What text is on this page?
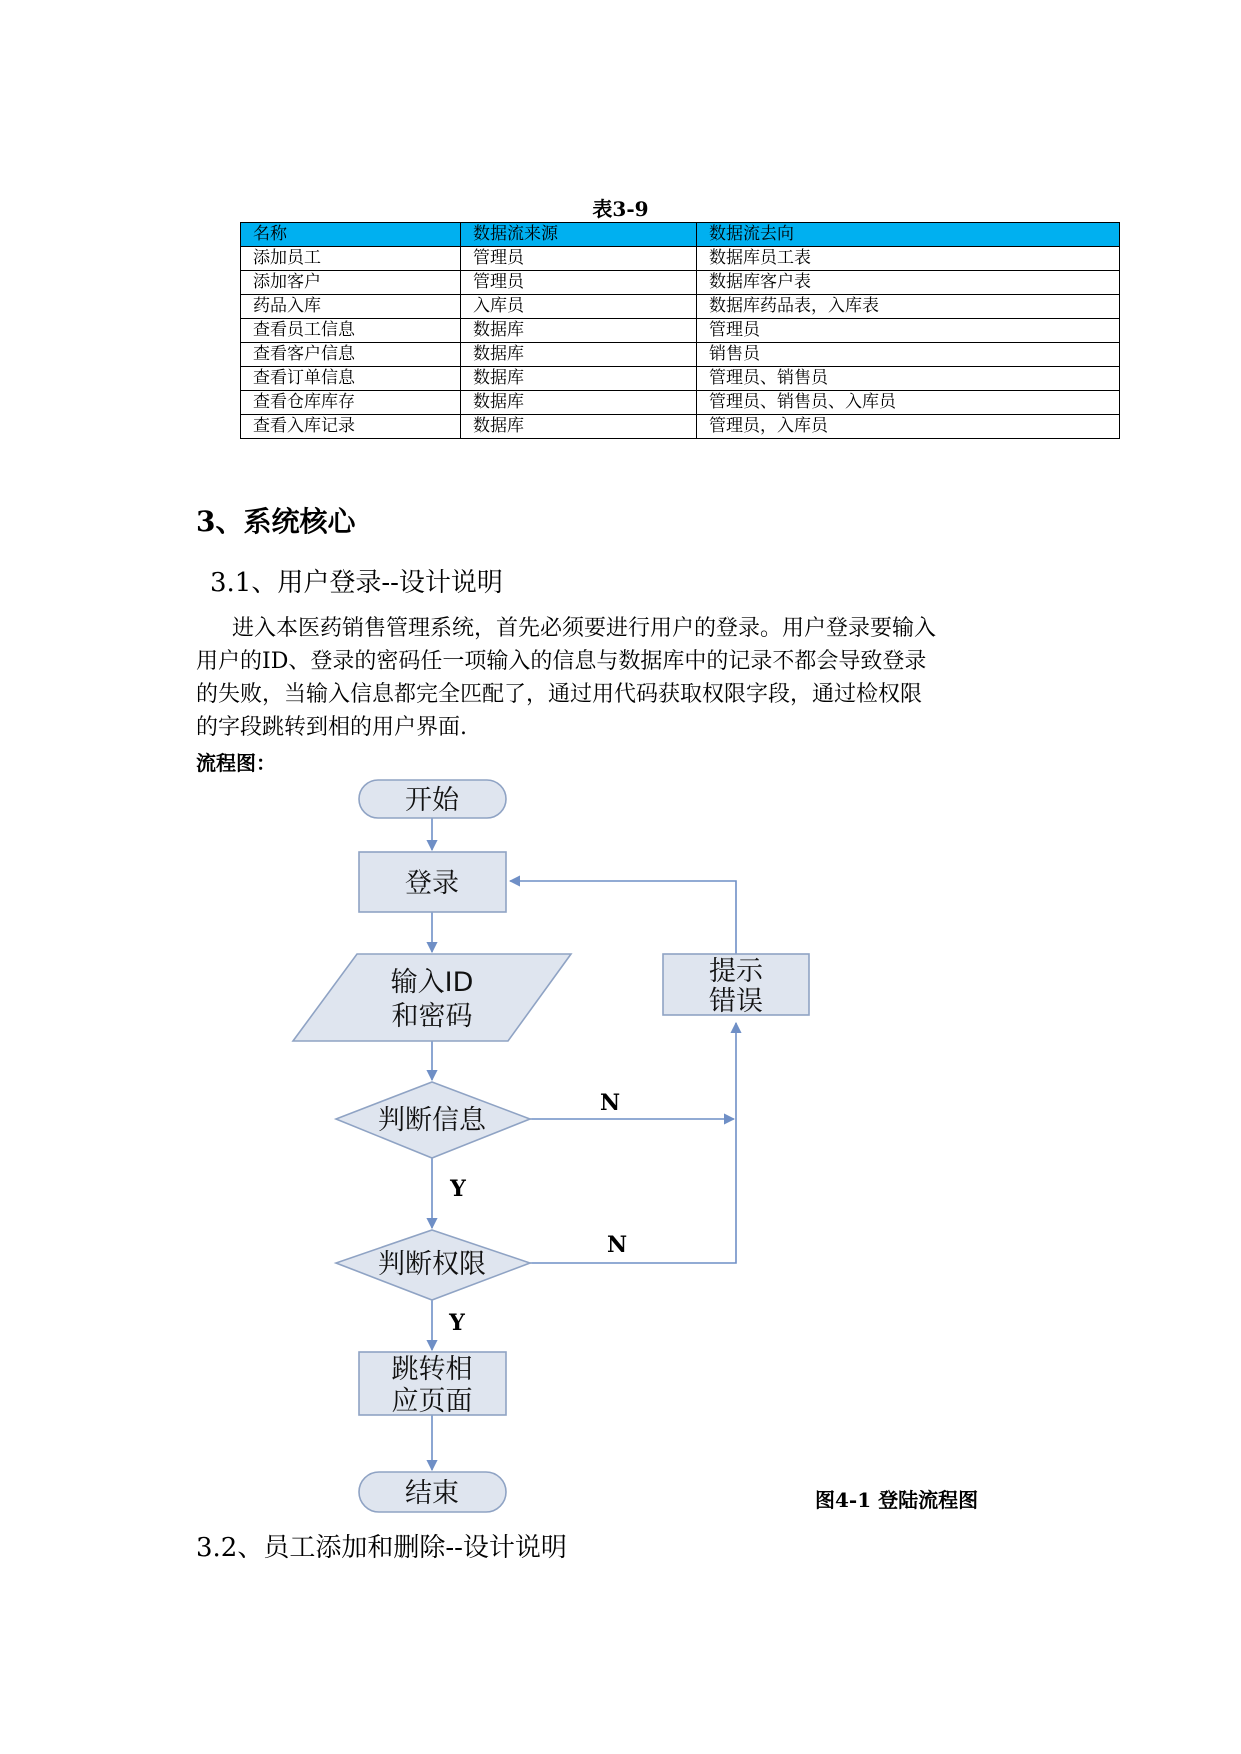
表3-9
名称	数据流来源	数据流去向
添加员工	管理员	数据库员工表
添加客户	管理员	数据库客户表
药品入库	入库员	数据库药品表，入库表
查看员工信息	数据库	管理员
查看客户信息	数据库	销售员
查看订单信息	数据库	管理员、销售员
查看仓库库存	数据库	管理员、销售员、入库员
查看入库记录	数据库	管理员，入库员
3、系统核心
3.1、用户登录--设计说明
进入本医药销售管理系统，首先必须要进行用户的登录。用户登录要输入
用户的ID、登录的密码任一项输入的信息与数据库中的记录不都会导致登录
的失败，当输入信息都完全匹配了，通过用代码获取权限字段，通过检权限
的字段跳转到相的用户界面.
流程图：
开始
登录
输入ID
和密码
判断信息
判断权限
跳转相
应页面
结束
提示
错误
N
Y
N
Y
图4-1 登陆流程图
3.2、员工添加和删除--设计说明
